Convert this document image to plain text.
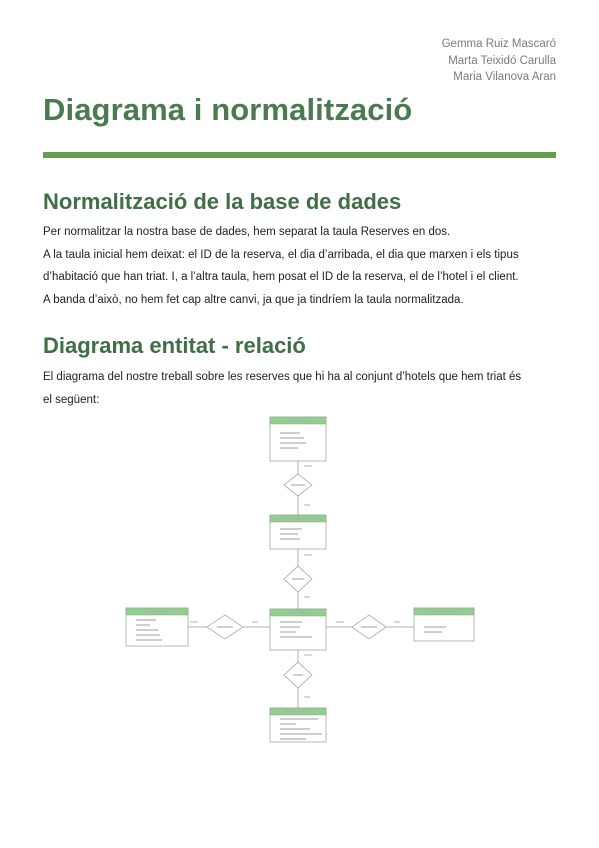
Gemma Ruiz Mascaró
Marta Teixidó Carulla
Maria Vilanova Aran
Diagrama i normalització
Normalització de la base de dades

Per normalitzar la nostra base de dades, hem separat la taula Reserves en dos.

A la taula inicial hem deixat: el ID de la reserva, el dia d’arribada, el dia que marxen i els tipus

d’habitació que han triat. I, a l’altra taula, hem posat el ID de la reserva, el de l’hotel i el client.

A banda d’això, no hem fet cap altre canvi, ja que ja tindríem la taula normalitzada.

Diagrama entitat - relació

El diagrama del nostre treball sobre les reserves que hi ha al conjunt d’hotels que hem triat és

el següent:
